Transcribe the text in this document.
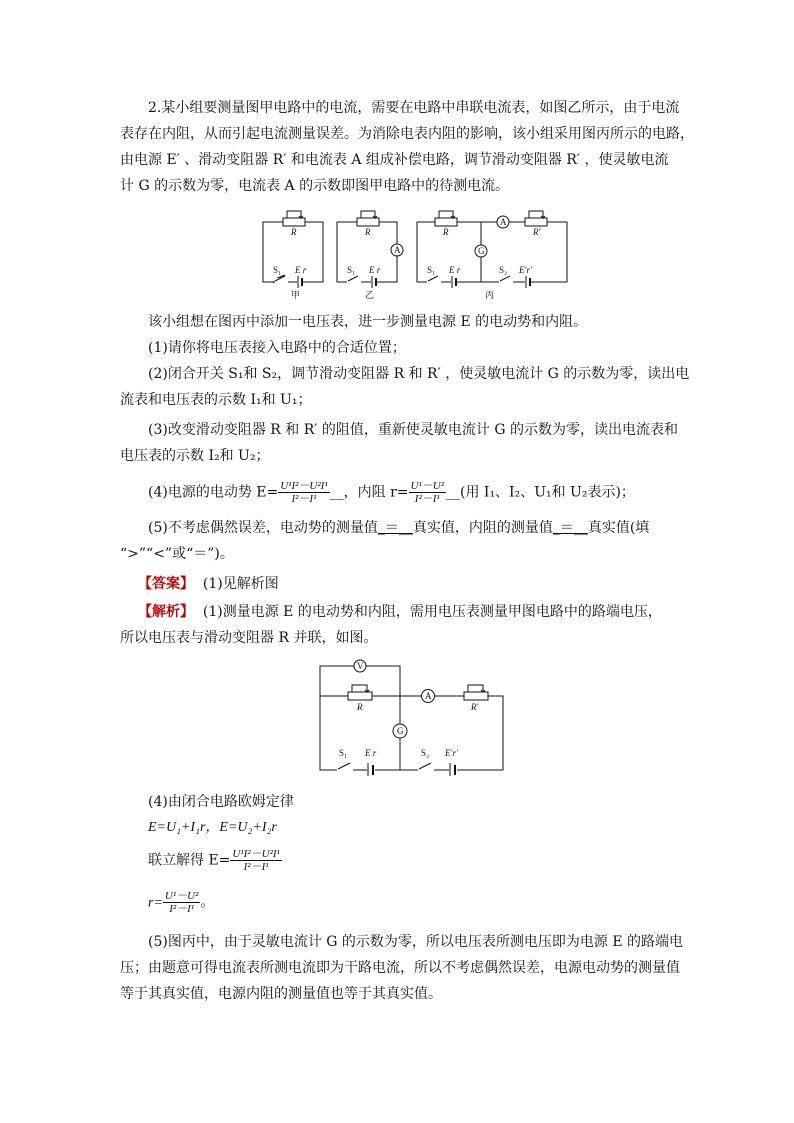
2.某小组要测量图甲电路中的电流，需要在电路中串联电流表，如图乙所示，由于电流
表存在内阻，从而引起电流测量误差。为消除电表内阻的影响，该小组采用图丙所示的电路，
由电源 E′ 、滑动变阻器 R′ 和电流表 A 组成补偿电路，调节滑动变阻器 R′ ，使灵敏电流
计 G 的示数为零，电流表 A 的示数即图甲电路中的待测电流。
R
S₁ E r
甲
A
R
S₁ E r
乙
A
G
R	R′
S₁ E r	S₂ E′r′
丙
该小组想在图丙中添加一电压表，进一步测量电源 E 的电动势和内阻。
(1)请你将电压表接入电路中的合适位置；
(2)闭合开关 S₁和 S₂，调节滑动变阻器 R 和 R′ ，使灵敏电流计 G 的示数为零，读出电
流表和电压表的示数 I₁和 U₁；
(3)改变滑动变阻器 R 和 R′ 的阻值，重新使灵敏电流计 G 的示数为零，读出电流表和
电压表的示数 I₂和 U₂；
(4)电源的电动势 $E= \frac{\text{U¹I²－U²I¹}}{\text{I²－I¹}}$ __，内阻 $r= \frac{\text{U¹－U²}}{\text{I²－I¹}}$ __(用 I₁、I₂、U₁和 U₂表示)；
(5)不考虑偶然误差，电动势的测量值_＝__真实值，内阻的测量值_＝__真实值(填
“>”“<”或“＝”)。
【答案】 (1)见解析图
【解析】 (1)测量电源 E 的电动势和内阻，需用电压表测量甲图电路中的路端电压，
所以电压表与滑动变阻器 R 并联，如图。
V
A
G
R	R′
S₁ E r	S₂ E′r′
(4)由闭合电路欧姆定律
E=U₁+I₁r，E=U₂+I₂r
联立解得 $E= \frac{\text{U¹I²－U²I¹}}{\text{I²－I¹}}$
$r= \frac{\text{U¹－U²}}{\text{I²－I¹}}$ 。
(5)图丙中，由于灵敏电流计 G 的示数为零，所以电压表所测电压即为电源 E 的路端电
压；由题意可得电流表所测电流即为干路电流，所以不考虑偶然误差，电源电动势的测量值
等于其真实值，电源内阻的测量值也等于其真实值。
